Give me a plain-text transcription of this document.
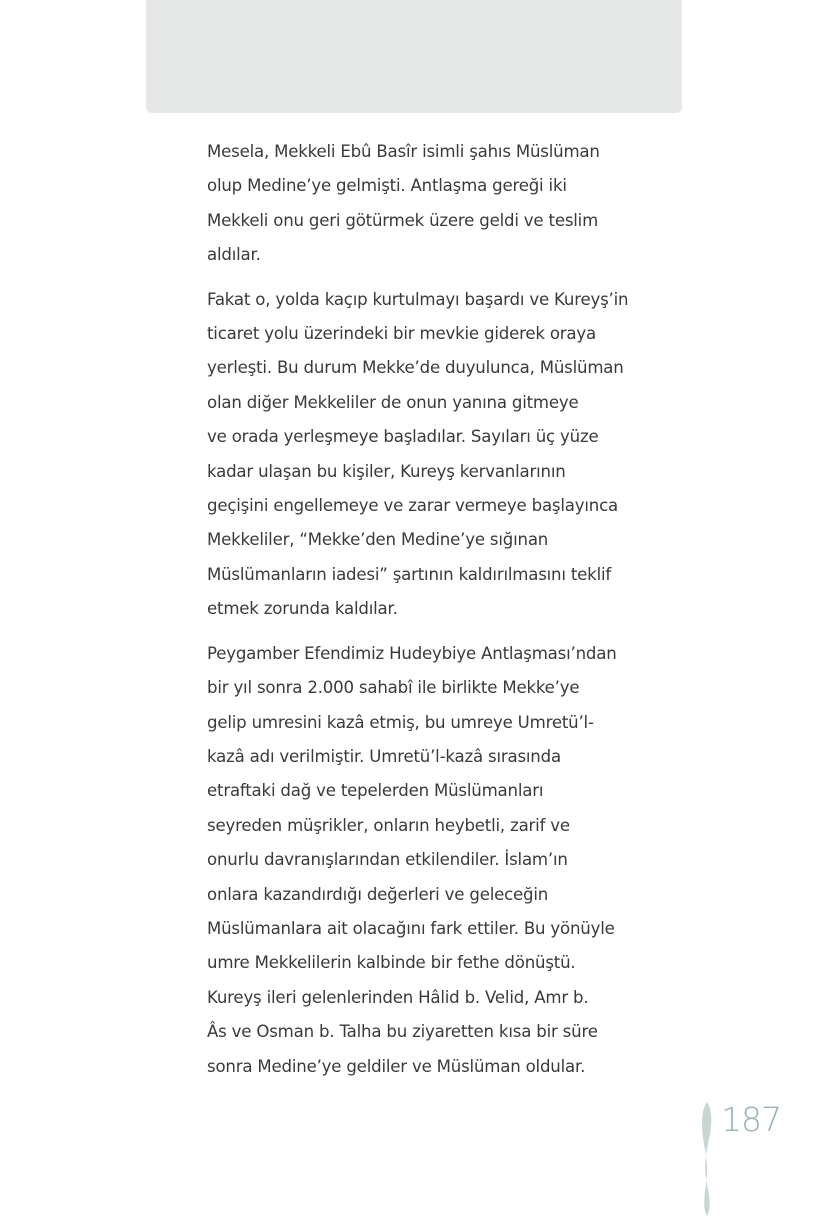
Mesela, Mekkeli Ebû Basîr isimli şahıs Müslüman
olup Medine’ye gelmişti. Antlaşma gereği iki
Mekkeli onu geri götürmek üzere geldi ve teslim
aldılar.

Fakat o, yolda kaçıp kurtulmayı başardı ve Kureyş’in
ticaret yolu üzerindeki bir mevkie giderek oraya
yerleşti. Bu durum Mekke’de duyulunca, Müslüman
olan diğer Mekkeliler de onun yanına gitmeye
ve orada yerleşmeye başladılar. Sayıları üç yüze
kadar ulaşan bu kişiler, Kureyş kervanlarının
geçişini engellemeye ve zarar vermeye başlayınca
Mekkeliler, “Mekke’den Medine’ye sığınan
Müslümanların iadesi” şartının kaldırılmasını teklif
etmek zorunda kaldılar.

Peygamber Efendimiz Hudeybiye Antlaşması’ndan
bir yıl sonra 2.000 sahabî ile birlikte Mekke’ye
gelip umresini kazâ etmiş, bu umreye Umretü’l-
kazâ adı verilmiştir. Umretü’l-kazâ sırasında
etraftaki dağ ve tepelerden Müslümanları
seyreden müşrikler, onların heybetli, zarif ve
onurlu davranışlarından etkilendiler. İslam’ın
onlara kazandırdığı değerleri ve geleceğin
Müslümanlara ait olacağını fark ettiler. Bu yönüyle
umre Mekkelilerin kalbinde bir fethe dönüştü.
Kureyş ileri gelenlerinden Hâlid b. Velid, Amr b.
Âs ve Osman b. Talha bu ziyaretten kısa bir süre
sonra Medine’ye geldiler ve Müslüman oldular.

187
